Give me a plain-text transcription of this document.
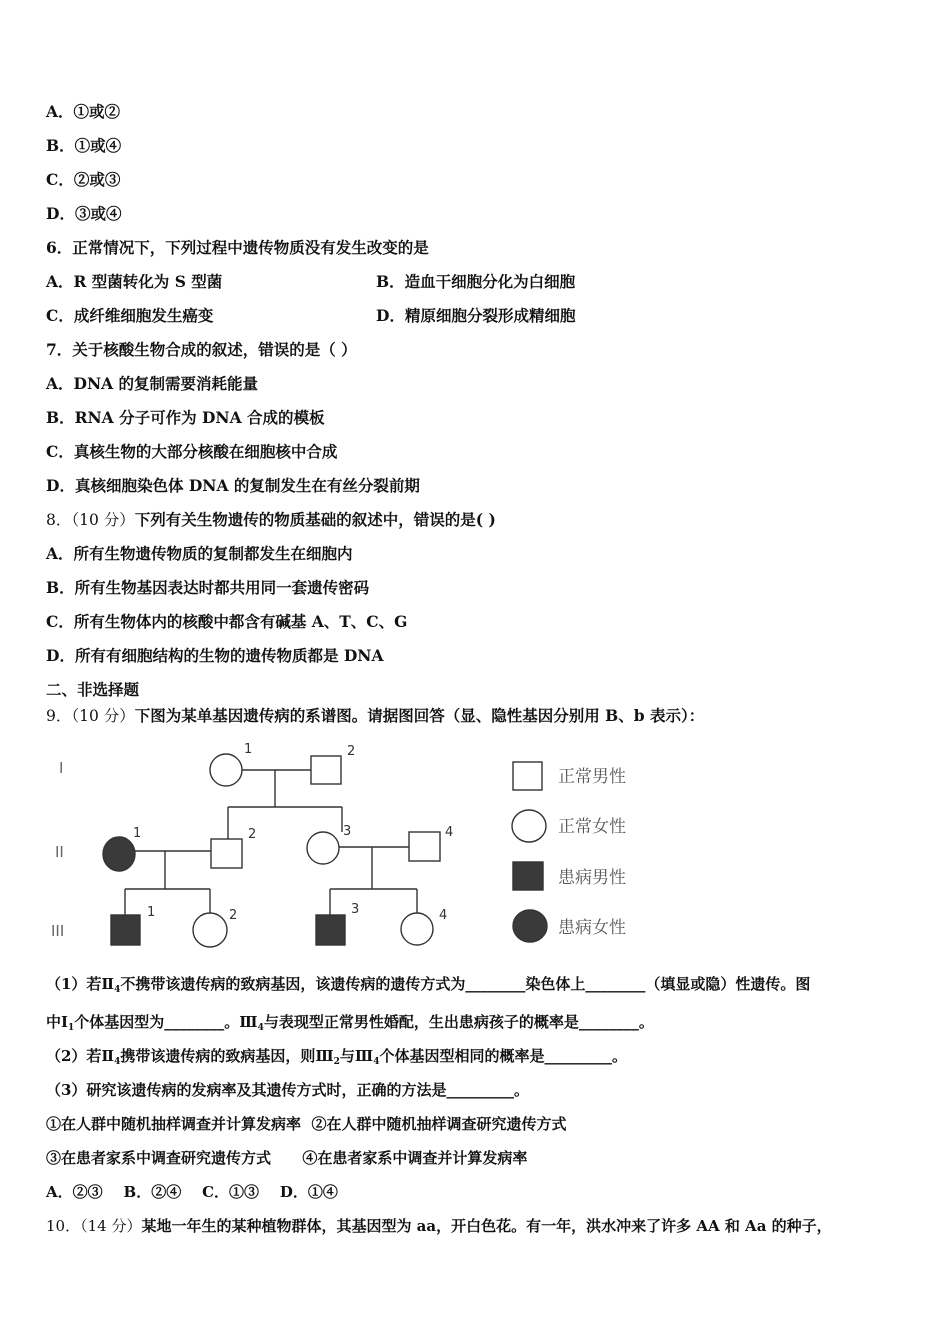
A．①或②
B．①或④
C．②或③
D．③或④
6．正常情况下，下列过程中遗传物质没有发生改变的是
A．R 型菌转化为 S 型菌	B．造血干细胞分化为白细胞
C．成纤维细胞发生癌变	D．精原细胞分裂形成精细胞
7．关于核酸生物合成的叙述，错误的是（ ）
A．DNA 的复制需要消耗能量
B．RNA 分子可作为 DNA 合成的模板
C．真核生物的大部分核酸在细胞核中合成
D．真核细胞染色体 DNA 的复制发生在有丝分裂前期
8．（10 分）下列有关生物遗传的物质基础的叙述中，错误的是( )
A．所有生物遗传物质的复制都发生在细胞内
B．所有生物基因表达时都共用同一套遗传密码
C．所有生物体内的核酸中都含有碱基 A、T、C、G
D．所有有细胞结构的生物的遗传物质都是 DNA
二、非选择题
9．（10 分）下图为某单基因遗传病的系谱图。请据图回答（显、隐性基因分别用 B、b 表示）：
I
II
III
1	2
1	2	3	4
1	2	3	4
正常男性
正常女性
患病男性
患病女性
（1）若$Ⅱ_4$不携带该遗传病的致病基因，该遗传病的遗传方式为________染色体上________（填显或隐）性遗传。图
中$Ⅰ_1$个体基因型为________。$Ⅲ_4$与表现型正常男性婚配，生出患病孩子的概率是________。
（2）若$Ⅱ_4$携带该遗传病的致病基因，则$Ⅲ_2$与$Ⅲ_4$个体基因型相同的概率是_________。
（3）研究该遗传病的发病率及其遗传方式时，正确的方法是_________。
①在人群中随机抽样调查并计算发病率  ②在人群中随机抽样调查研究遗传方式
③在患者家系中调查研究遗传方式      ④在患者家系中调查并计算发病率
A．②③    B．②④    C．①③    D．①④
10．（14 分）某地一年生的某种植物群体，其基因型为 aa，开白色花。有一年，洪水冲来了许多 AA 和 Aa 的种子，
